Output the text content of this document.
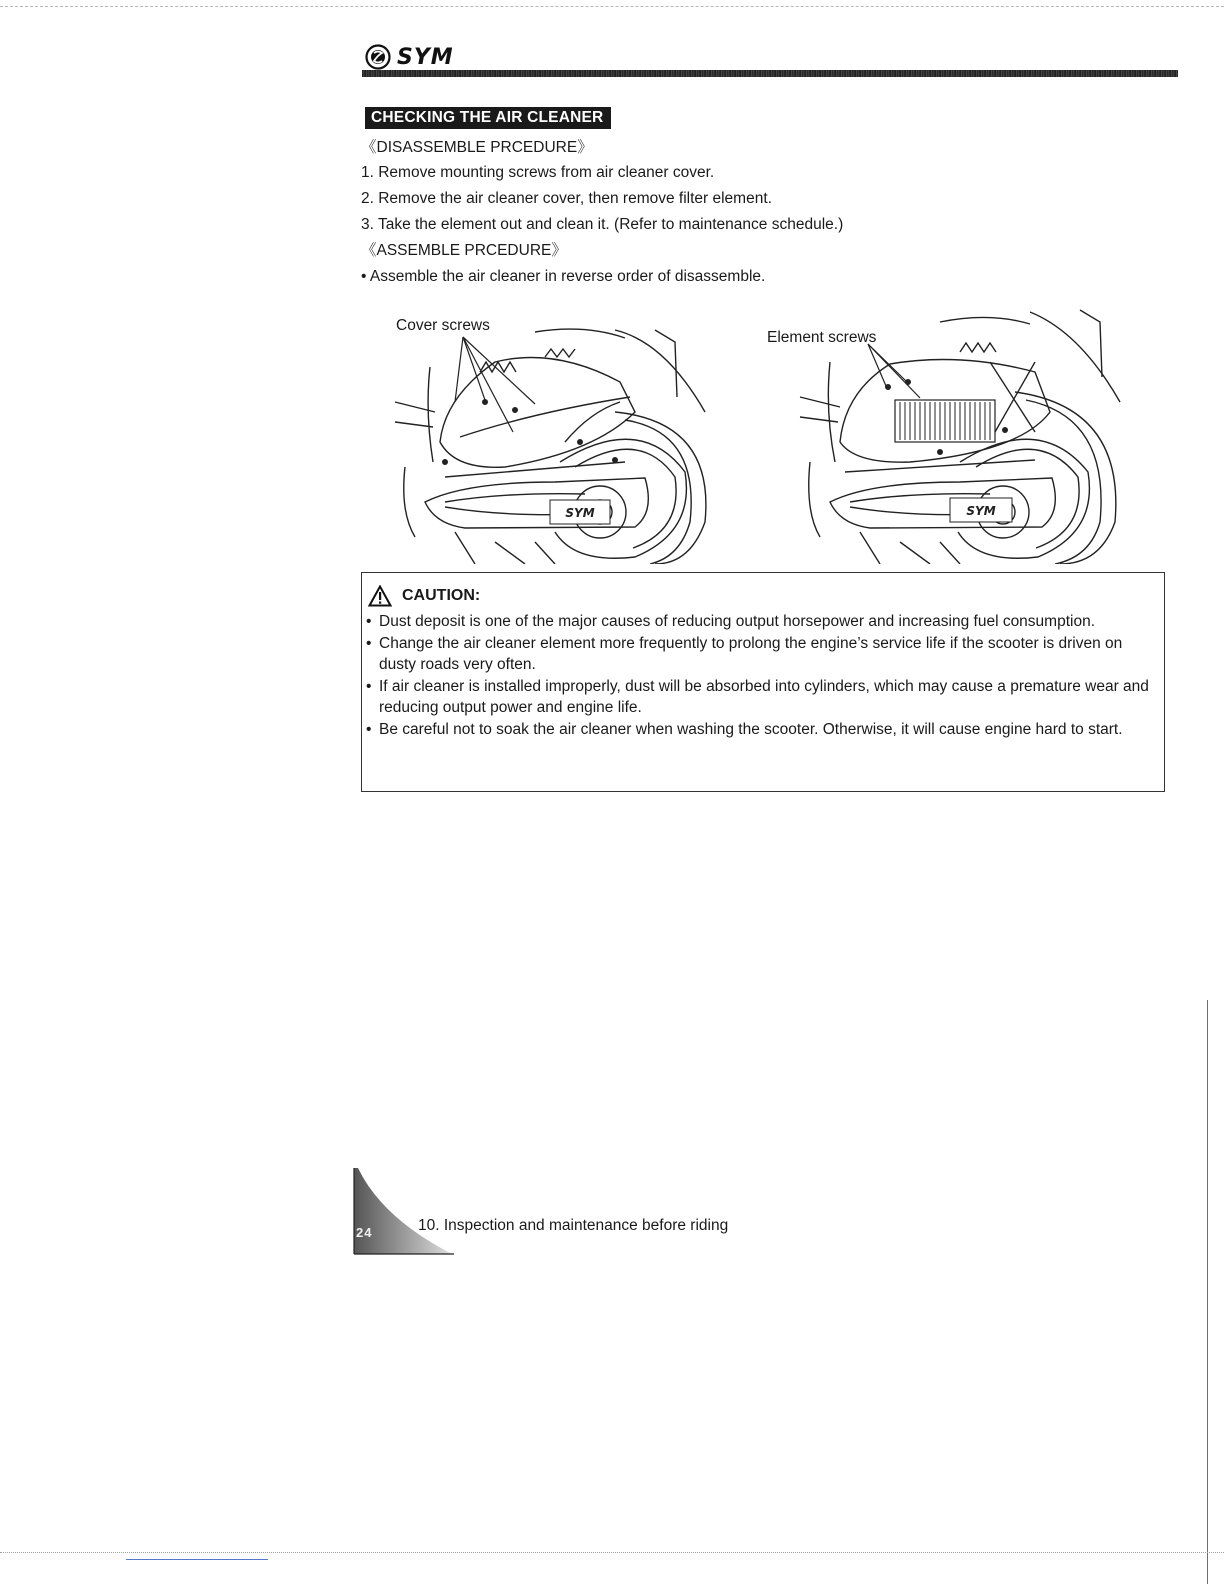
SYM
CHECKING THE AIR CLEANER
《DISASSEMBLE PRCEDURE》
1. Remove mounting screws from air cleaner cover.
2. Remove the air cleaner cover, then remove filter element.
3. Take the element out and clean it. (Refer to maintenance schedule.)
《ASSEMBLE PRCEDURE》
• Assemble the air cleaner in reverse order of disassemble.
SYM
Cover screws
SYM
Element screws
CAUTION:
• Dust deposit is one of the major causes of reducing output horsepower and increasing fuel consumption.
• Change the air cleaner element more frequently to prolong the engine’s service life if the scooter is driven on dusty roads very often.
• If air cleaner is installed improperly, dust will be absorbed into cylinders, which may cause a premature wear and reducing output power and engine life.
• Be careful not to soak the air cleaner when washing the scooter. Otherwise, it will cause engine hard to start.
24	10. Inspection and maintenance before riding
